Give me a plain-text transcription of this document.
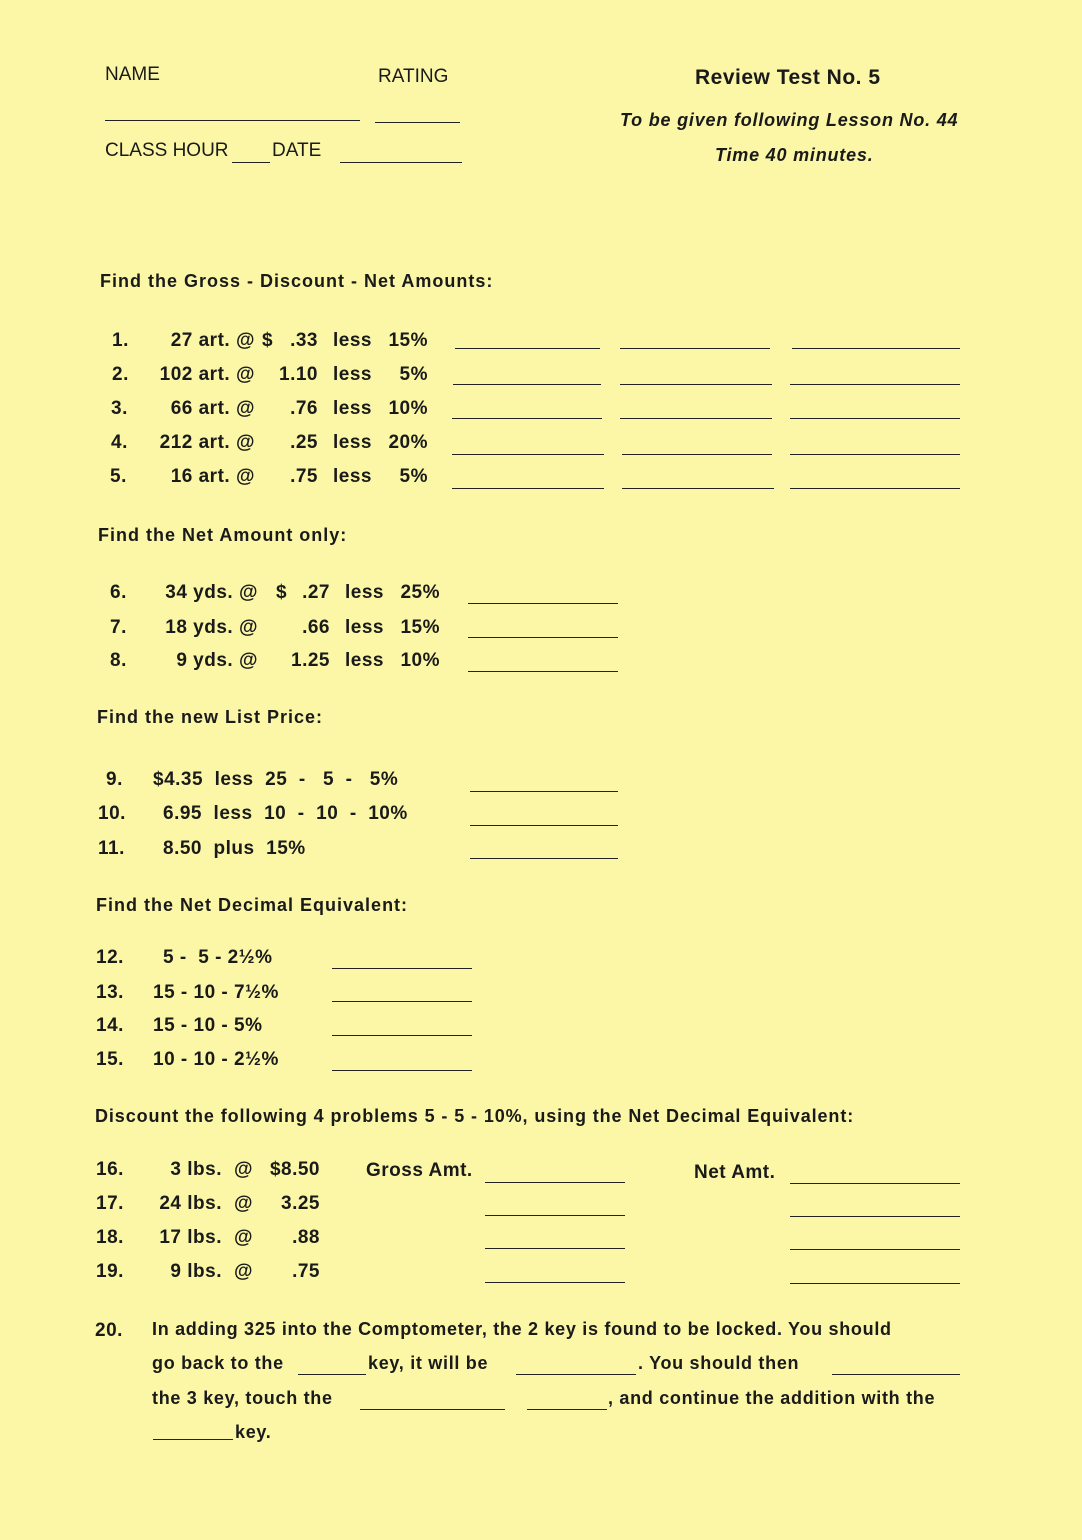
NAME	RATING
CLASS HOUR DATE
Review Test No. 5
To be given following Lesson No. 44
Time 40 minutes.
Find the Gross - Discount - Net Amounts:
1.	27 art. @ $ .33 less 15%
2.	102 art. @	1.10 less	5%
3.	66 art. @	.76 less 10%
4.	212 art. @	.25 less 20%
5.	16 art. @	.75 less	5%
Find the Net Amount only:
6.	34 yds. @ $ .27 less 25%
7.	18 yds. @	.66 less 15%
8.	9 yds. @	1.25 less 10%
Find the new List Price:
9. $4.35  less  25  -   5  -   5%
10. 6.95  less  10  -  10  -  10%
11. 8.50  plus  15%
Find the Net Decimal Equivalent:
12. 5 -  5 - 2½%
13. 15 - 10 - 7½%
14. 15 - 10 - 5%
15. 10 - 10 - 2½%
Discount the following 4 problems 5 - 5 - 10%, using the Net Decimal Equivalent:
16.	3 lbs. @ $8.50 Gross Amt.	Net Amt.
17.	24 lbs. @	3.25
18.	17 lbs. @	.88
19.	9 lbs. @	.75
20. In adding 325 into the Comptometer, the 2 key is found to be locked. You should
go back to the	key, it will be	. You should then
the 3 key, touch the	, and continue the addition with the
key.
